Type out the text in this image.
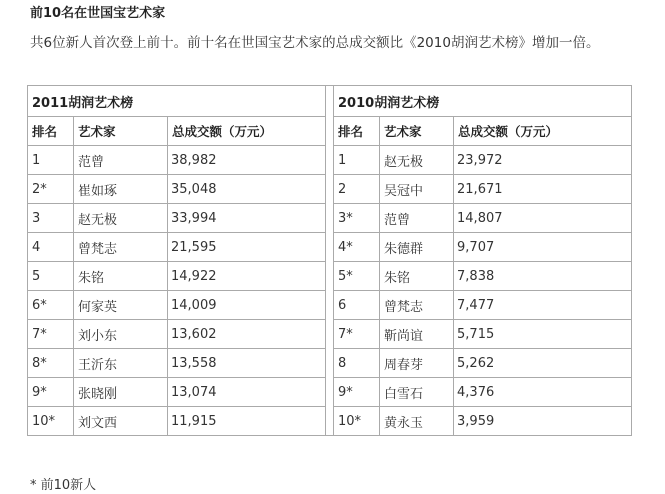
前10名在世国宝艺术家

共6位新人首次登上前十。前十名在世国宝艺术家的总成交额比《2010胡润艺术榜》增加一倍。

2011胡润艺术榜				2010胡润艺术榜		
排名	艺术家	总成交额（万元）		排名	艺术家	总成交额（万元）
1	范曾	38,982		1	赵无极	23,972
2*	崔如琢	35,048		2	吴冠中	21,671
3	赵无极	33,994		3*	范曾	14,807
4	曾梵志	21,595		4*	朱德群	9,707
5	朱铭	14,922		5*	朱铭	7,838
6*	何家英	14,009		6	曾梵志	7,477
7*	刘小东	13,602		7*	靳尚谊	5,715
8*	王沂东	13,558		8	周春芽	5,262
9*	张晓刚	13,074		9*	白雪石	4,376
10*	刘文西	11,915		10*	黄永玉	3,959

* 前10新人
